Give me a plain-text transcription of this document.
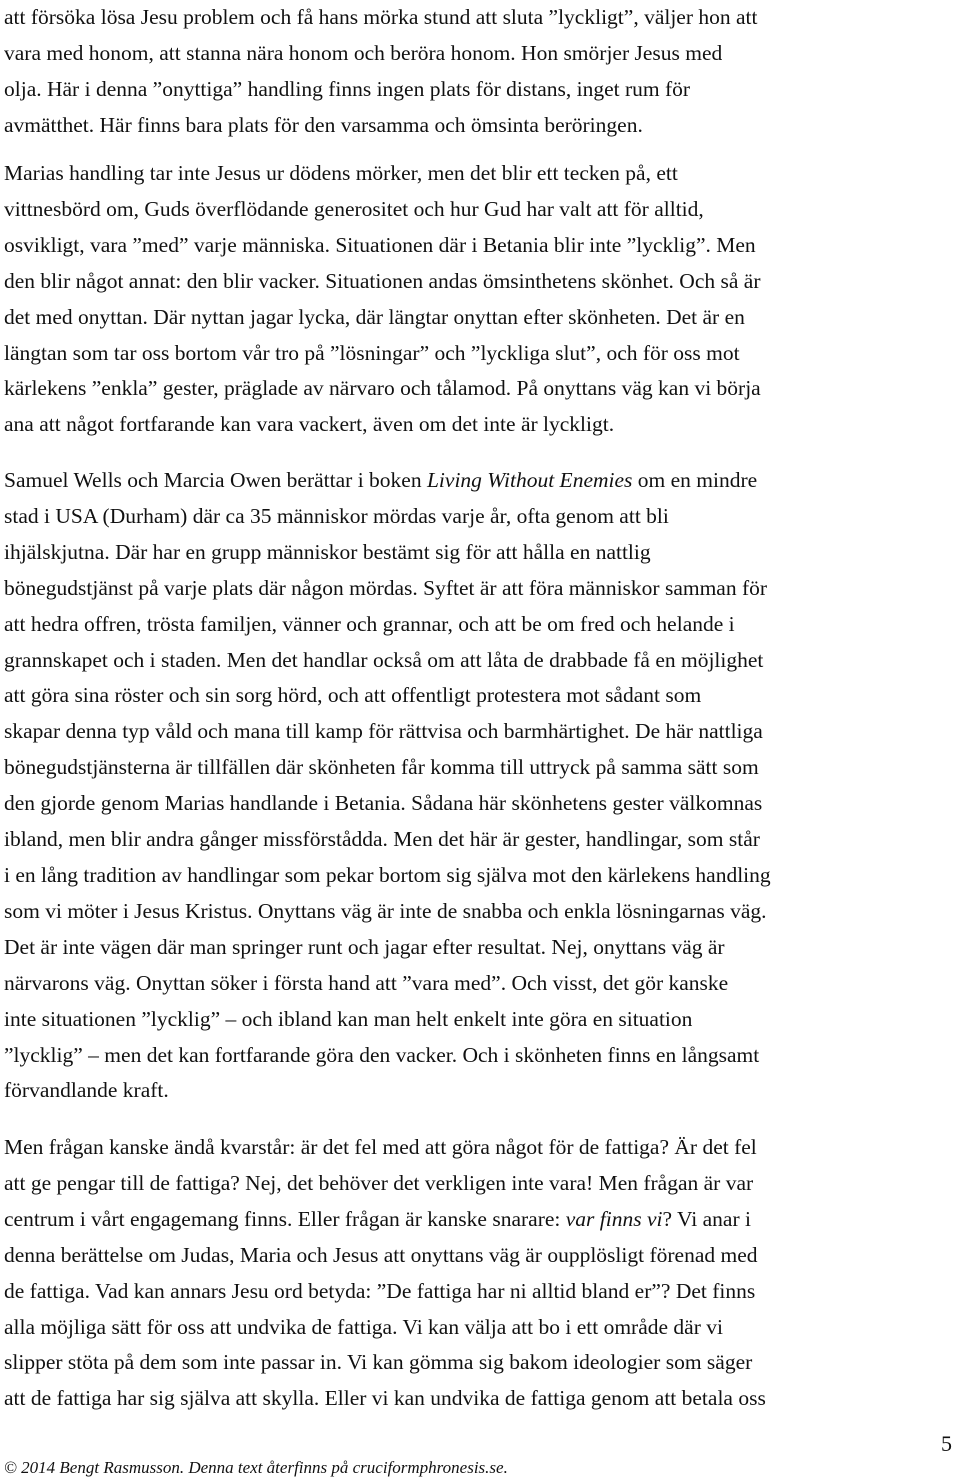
att försöka lösa Jesu problem och få hans mörka stund att sluta ”lyckligt”, väljer hon att
vara med honom, att stanna nära honom och beröra honom. Hon smörjer Jesus med
olja. Här i denna ”onyttiga” handling finns ingen plats för distans, inget rum för
avmätthet. Här finns bara plats för den varsamma och ömsinta beröringen.

Marias handling tar inte Jesus ur dödens mörker, men det blir ett tecken på, ett
vittnesbörd om, Guds överflödande generositet och hur Gud har valt att för alltid,
osvikligt, vara ”med” varje människa. Situationen där i Betania blir inte ”lycklig”. Men
den blir något annat: den blir vacker. Situationen andas ömsinthetens skönhet. Och så är
det med onyttan. Där nyttan jagar lycka, där längtar onyttan efter skönheten. Det är en
längtan som tar oss bortom vår tro på ”lösningar” och ”lyckliga slut”, och för oss mot
kärlekens ”enkla” gester, präglade av närvaro och tålamod. På onyttans väg kan vi börja
ana att något fortfarande kan vara vackert, även om det inte är lyckligt.

Samuel Wells och Marcia Owen berättar i boken Living Without Enemies om en mindre
stad i USA (Durham) där ca 35 människor mördas varje år, ofta genom att bli
ihjälskjutna. Där har en grupp människor bestämt sig för att hålla en nattlig
bönegudstjänst på varje plats där någon mördas. Syftet är att föra människor samman för
att hedra offren, trösta familjen, vänner och grannar, och att be om fred och helande i
grannskapet och i staden. Men det handlar också om att låta de drabbade få en möjlighet
att göra sina röster och sin sorg hörd, och att offentligt protestera mot sådant som
skapar denna typ våld och mana till kamp för rättvisa och barmhärtighet. De här nattliga
bönegudstjänsterna är tillfällen där skönheten får komma till uttryck på samma sätt som
den gjorde genom Marias handlande i Betania. Sådana här skönhetens gester välkomnas
ibland, men blir andra gånger missförstådda. Men det här är gester, handlingar, som står
i en lång tradition av handlingar som pekar bortom sig själva mot den kärlekens handling
som vi möter i Jesus Kristus. Onyttans väg är inte de snabba och enkla lösningarnas väg.
Det är inte vägen där man springer runt och jagar efter resultat. Nej, onyttans väg är
närvarons väg. Onyttan söker i första hand att ”vara med”. Och visst, det gör kanske
inte situationen ”lycklig” – och ibland kan man helt enkelt inte göra en situation
”lycklig” – men det kan fortfarande göra den vacker. Och i skönheten finns en långsamt
förvandlande kraft.

Men frågan kanske ändå kvarstår: är det fel med att göra något för de fattiga? Är det fel
att ge pengar till de fattiga? Nej, det behöver det verkligen inte vara! Men frågan är var
centrum i vårt engagemang finns. Eller frågan är kanske snarare: var finns vi? Vi anar i
denna berättelse om Judas, Maria och Jesus att onyttans väg är oupplösligt förenad med
de fattiga. Vad kan annars Jesu ord betyda: ”De fattiga har ni alltid bland er”? Det finns
alla möjliga sätt för oss att undvika de fattiga. Vi kan välja att bo i ett område där vi
slipper stöta på dem som inte passar in. Vi kan gömma sig bakom ideologier som säger
att de fattiga har sig själva att skylla. Eller vi kan undvika de fattiga genom att betala oss

5
© 2014 Bengt Rasmusson. Denna text återfinns på cruciformphronesis.se.
